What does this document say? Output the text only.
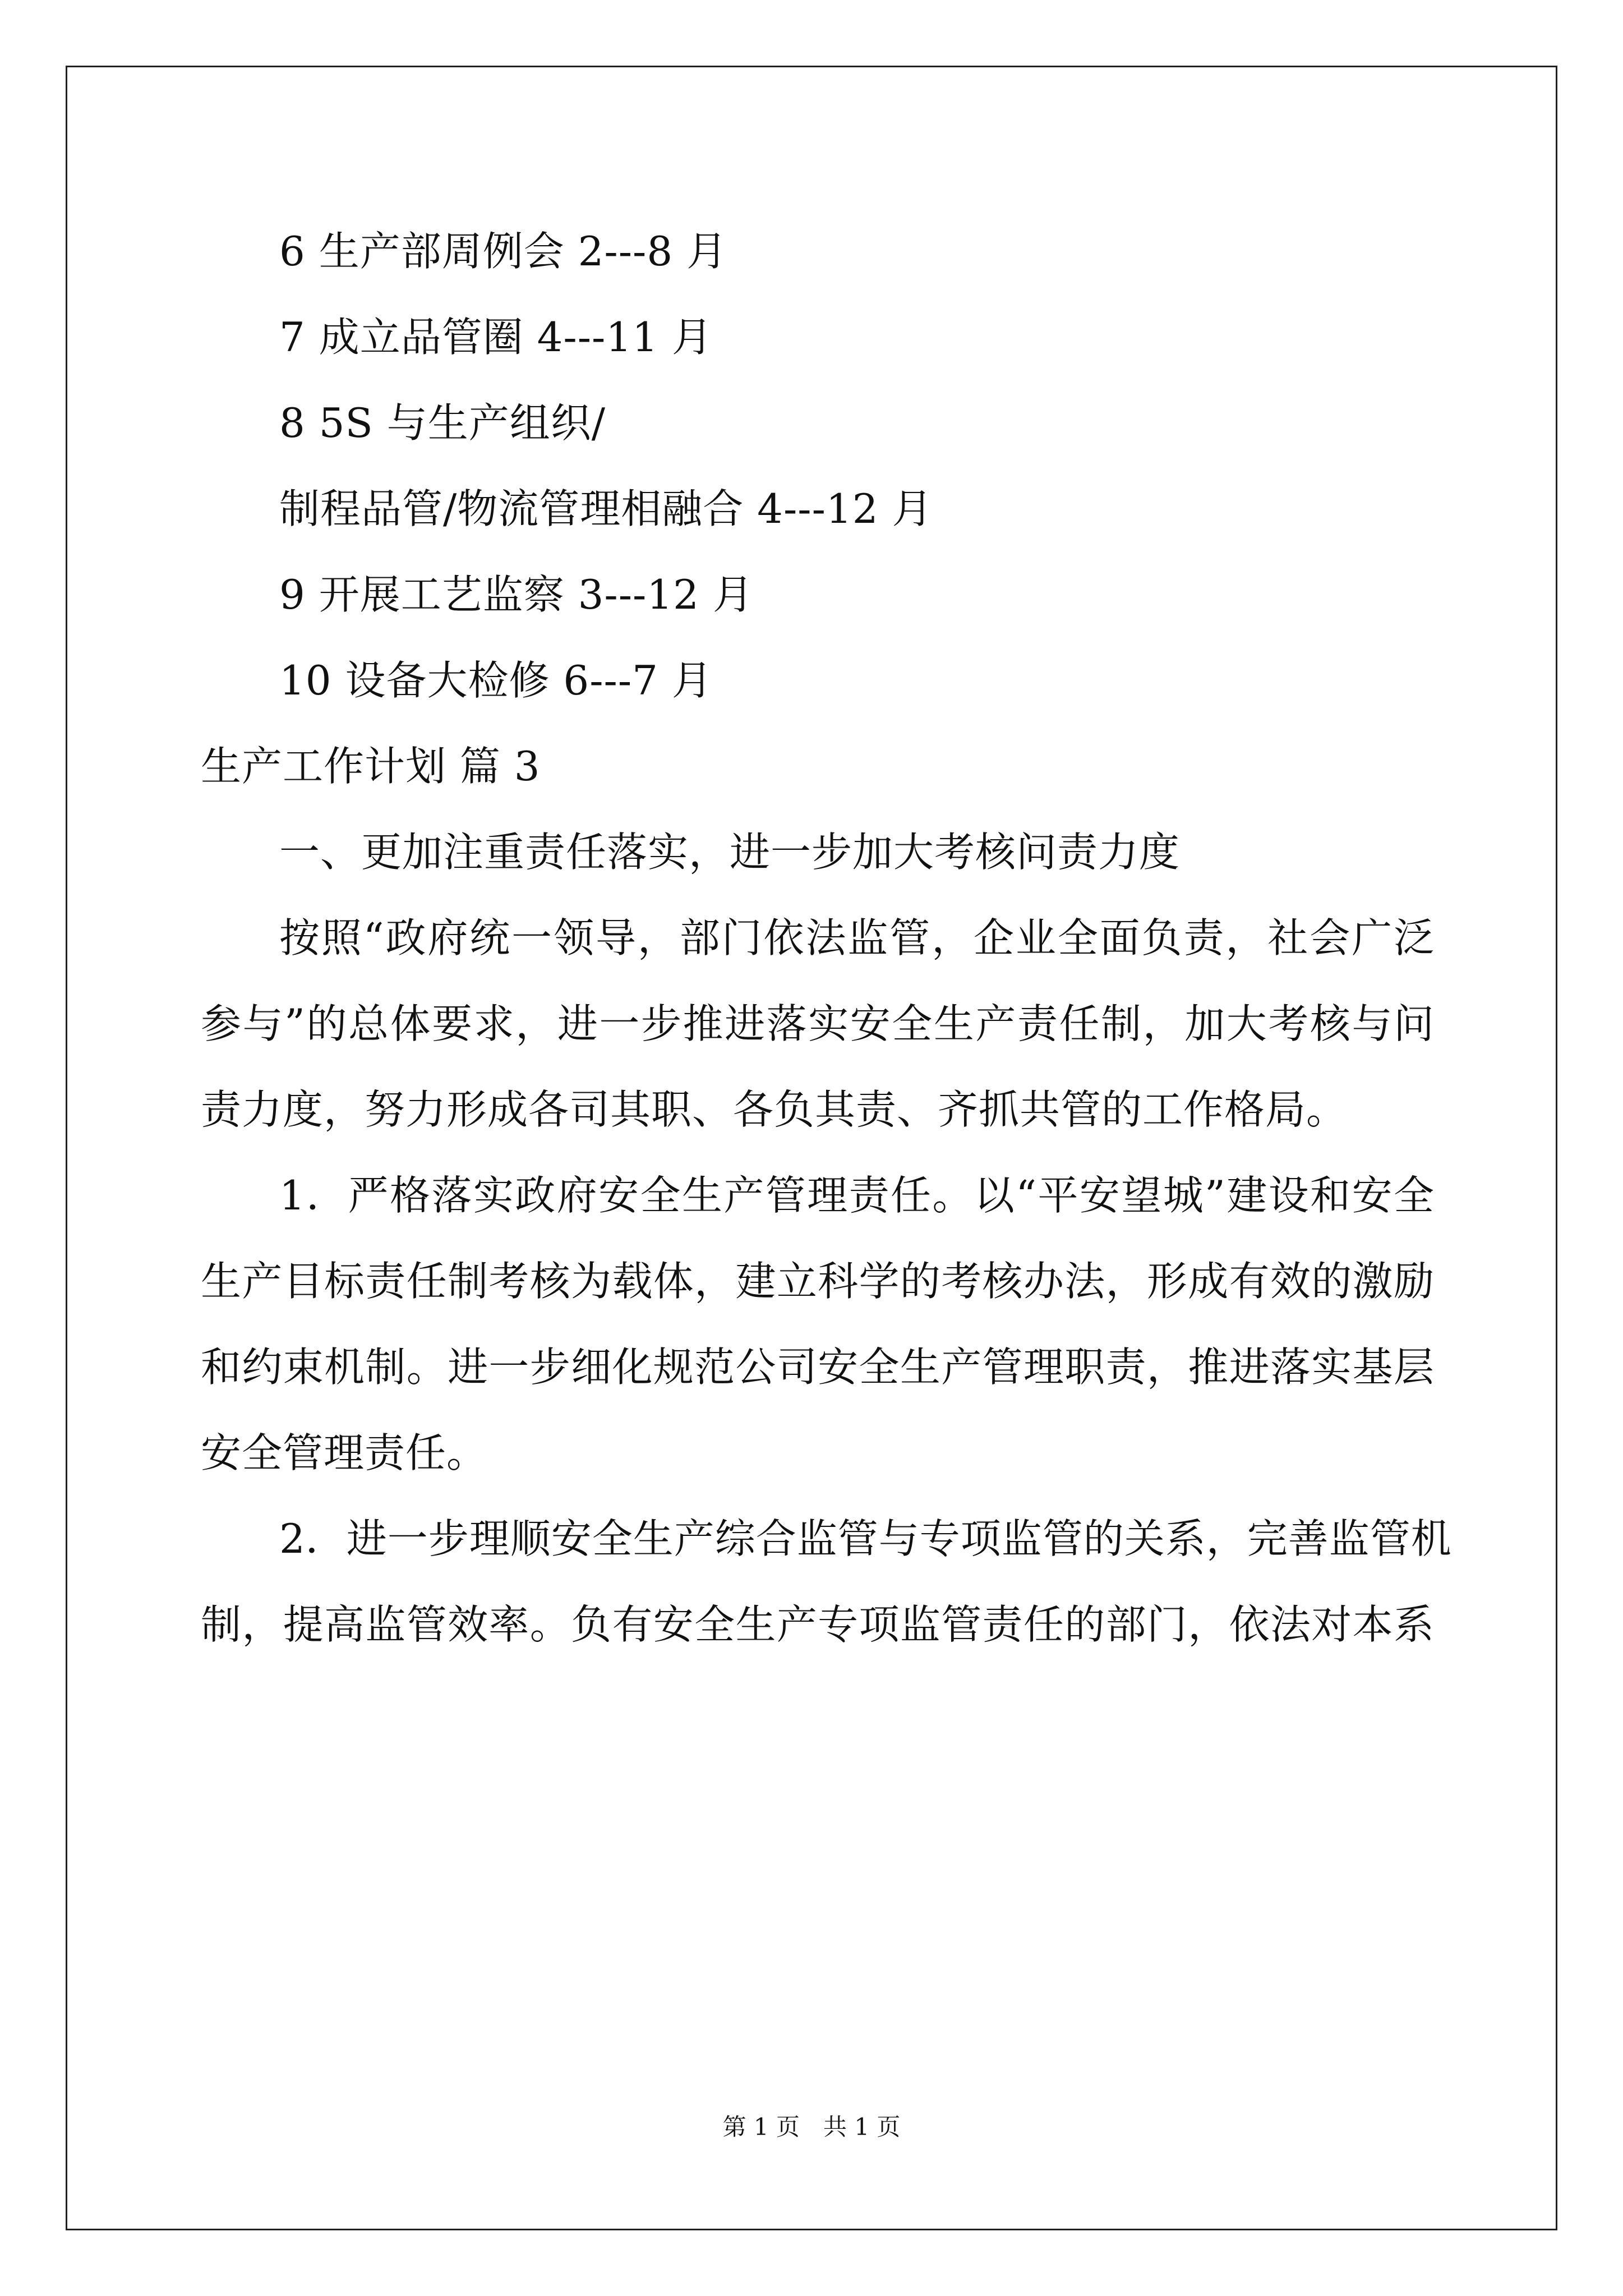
6 生产部周例会 2---8 月
7 成立品管圈 4---11 月
8 5S 与生产组织/
制程品管/物流管理相融合 4---12 月
9 开展工艺监察 3---12 月
10 设备大检修 6---7 月
生产工作计划 篇 3
一、更加注重责任落实，进一步加大考核问责力度
按照“政府统一领导，部门依法监管，企业全面负责，社会广泛
参与”的总体要求，进一步推进落实安全生产责任制，加大考核与问
责力度，努力形成各司其职、各负其责、齐抓共管的工作格局。
1．严格落实政府安全生产管理责任。以“平安望城”建设和安全
生产目标责任制考核为载体，建立科学的考核办法，形成有效的激励
和约束机制。进一步细化规范公司安全生产管理职责，推进落实基层
安全管理责任。
2．进一步理顺安全生产综合监管与专项监管的关系，完善监管机
制，提高监管效率。负有安全生产专项监管责任的部门，依法对本系
第 1 页　共 1 页
